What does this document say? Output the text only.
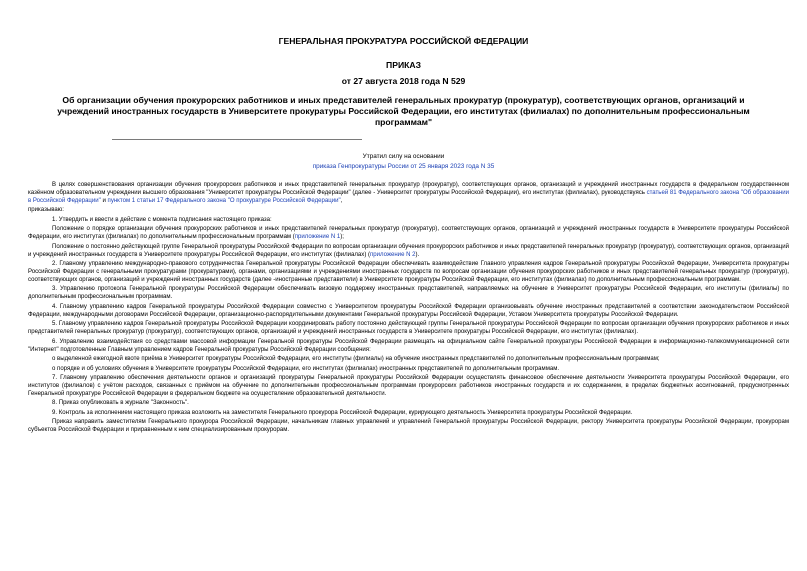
ГЕНЕРАЛЬНАЯ ПРОКУРАТУРА РОССИЙСКОЙ ФЕДЕРАЦИИ
ПРИКАЗ
от 27 августа 2018 года N 529
Об организации обучения прокурорских работников и иных представителей генеральных прокуратур (прокуратур), соответствующих органов, организаций и учреждений иностранных государств в Университете прокуратуры Российской Федерации, его институтах (филиалах) по дополнительным профессиональным программам"
Утратил силу на основании
приказа Генпрокуратуры России от 25 января 2023 года N 35

В целях совершенствования организации обучения прокурорских работников и иных представителей генеральных прокуратур (прокуратур), соответствующих органов, организаций и учреждений иностранных государств в федеральном государственном казённом образовательном учреждении высшего образования "Университет прокуратуры Российской Федерации" (далее - Университет прокуратуры Российской Федерации), его институтах (филиалах), руководствуясь статьей 81 Федерального закона "Об образовании в Российской Федерации" и пунктом 1 статьи 17 Федерального закона "О прокуратуре Российской Федерации",

приказываю:

1. Утвердить и ввести в действие с момента подписания настоящего приказа:

Положение о порядке организации обучения прокурорских работников и иных представителей генеральных прокуратур (прокуратур), соответствующих органов, организаций и учреждений иностранных государств в Университете прокуратуры Российской Федерации, его институтах (филиалах) по дополнительным профессиональным программам (приложение N 1);

Положение о постоянно действующей группе Генеральной прокуратуры Российской Федерации по вопросам организации обучения прокурорских работников и иных представителей генеральных прокуратур (прокуратур), соответствующих органов, организаций и учреждений иностранных государств в Университете прокуратуры Российской Федерации, его институтах (филиалах) (приложение N 2).

2. Главному управлению международно-правового сотрудничества Генеральной прокуратуры Российской Федерации обеспечивать взаимодействие Главного управления кадров Генеральной прокуратуры Российской Федерации, Университета прокуратуры Российской Федерации с генеральными прокуратурами (прокуратурами), органами, организациями и учреждениями иностранных государств по вопросам организации обучения прокурорских работников и иных представителей генеральных прокуратур (прокуратур), соответствующих органов, организаций и учреждений иностранных государств (далее -иностранные представители) в Университете прокуратуры Российской Федерации, его институтах (филиалах) по дополнительным профессиональным программам.

3. Управлению протокола Генеральной прокуратуры Российской Федерации обеспечивать визовую поддержку иностранных представителей, направляемых на обучение в Университет прокуратуры Российской Федерации, его институты (филиалы) по дополнительным профессиональным программам.

4. Главному управлению кадров Генеральной прокуратуры Российской Федерации совместно с Университетом прокуратуры Российской Федерации организовывать обучение иностранных представителей в соответствии законодательством Российской Федерации, международными договорами Российской Федерации, организационно-распорядительными документами Генеральной прокуратуры Российской Федерации, Уставом Университета прокуратуры Российской Федерации.

5. Главному управлению кадров Генеральной прокуратуры Российской Федерации координировать работу постоянно действующей группы Генеральной прокуратуры Российской Федерации по вопросам организации обучения прокурорских работников и иных представителей генеральных прокуратур (прокуратур), соответствующих органов, организаций и учреждений иностранных государств в Университете прокуратуры Российской Федерации, его институтах (филиалах).

6. Управлению взаимодействия со средствами массовой информации Генеральной прокуратуры Российской Федерации размещать на официальном сайте Генеральной прокуратуры Российской Федерации в информационно-телекоммуникационной сети "Интернет" подготовленные Главным управлением кадров Генеральной прокуратуры Российской Федерации сообщения:

о выделенной ежегодной квоте приёма в Университет прокуратуры Российской Федерации, его институты (филиалы) на обучение иностранных представителей по дополнительным профессиональным программам;

о порядке и об условиях обучения в Университете прокуратуры Российской Федерации, его институтах (филиалах) иностранных представителей по дополнительным программам.

7. Главному управлению обеспечения деятельности органов и организаций прокуратуры Генеральной прокуратуры Российской Федерации осуществлять финансовое обеспечение деятельности Университета прокуратуры Российской Федерации, его институтов (филиалов) с учётом расходов, связанных с приёмом на обучение по дополнительным профессиональным программам прокурорских работников иностранных государств и их содержанием, в пределах бюджетных ассигнований, предусмотренных Генеральной прокуратуре Российской Федерации в федеральном бюджете на осуществление образовательной деятельности.

8. Приказ опубликовать в журнале "Законность".

9. Контроль за исполнением настоящего приказа возложить на заместителя Генерального прокурора Российской Федерации, курирующего деятельность Университета прокуратуры Российской Федерации.

Приказ направить заместителям Генерального прокурора Российской Федерации, начальникам главных управлений и управлений Генеральной прокуратуры Российской Федерации, ректору Университета прокуратуры Российской Федерации, прокурорам субъектов Российской Федерации и приравненным к ним специализированным прокурорам.
